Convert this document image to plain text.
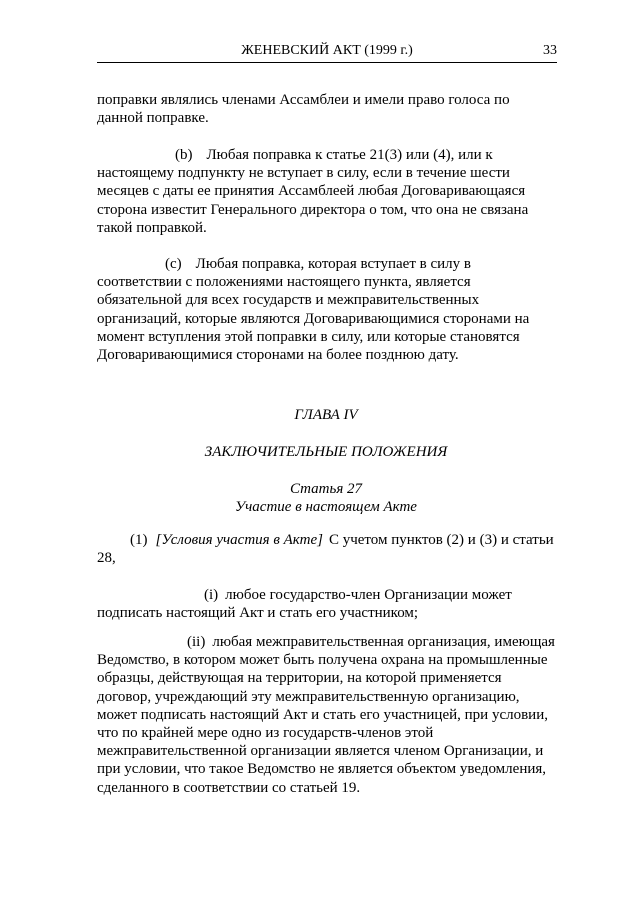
ЖЕНЕВСКИЙ АКТ (1999 г.)	33

поправки являлись членами Ассамблеи и имели право голоса по данной поправке.

(b) Любая поправка к статье 21(3) или (4), или к настоящему подпункту не вступает в силу, если в течение шести месяцев с даты ее принятия Ассамблеей любая Договаривающаяся сторона известит Генерального директора о том, что она не связана такой поправкой.

(c) Любая поправка, которая вступает в силу в соответствии с положениями настоящего пункта, является обязательной для всех государств и межправительственных организаций, которые являются Договаривающимися сторонами на момент вступления этой поправки в силу, или которые становятся Договаривающимися сторонами на более позднюю дату.

ГЛАВА IV

ЗАКЛЮЧИТЕЛЬНЫЕ ПОЛОЖЕНИЯ

Статья 27

Участие в настоящем Акте

(1) [Условия участия в Акте] С учетом пунктов (2) и (3) и статьи 28,

(i) любое государство-член Организации может подписать настоящий Акт и стать его участником;

(ii) любая межправительственная организация, имеющая Ведомство, в котором может быть получена охрана на промышленные образцы, действующая на территории, на которой применяется договор, учреждающий эту межправительственную организацию, может подписать настоящий Акт и стать его участницей, при условии, что по крайней мере одно из государств-членов этой межправительственной организации является членом Организации, и при условии, что такое Ведомство не является объектом уведомления, сделанного в соответствии со статьей 19.
